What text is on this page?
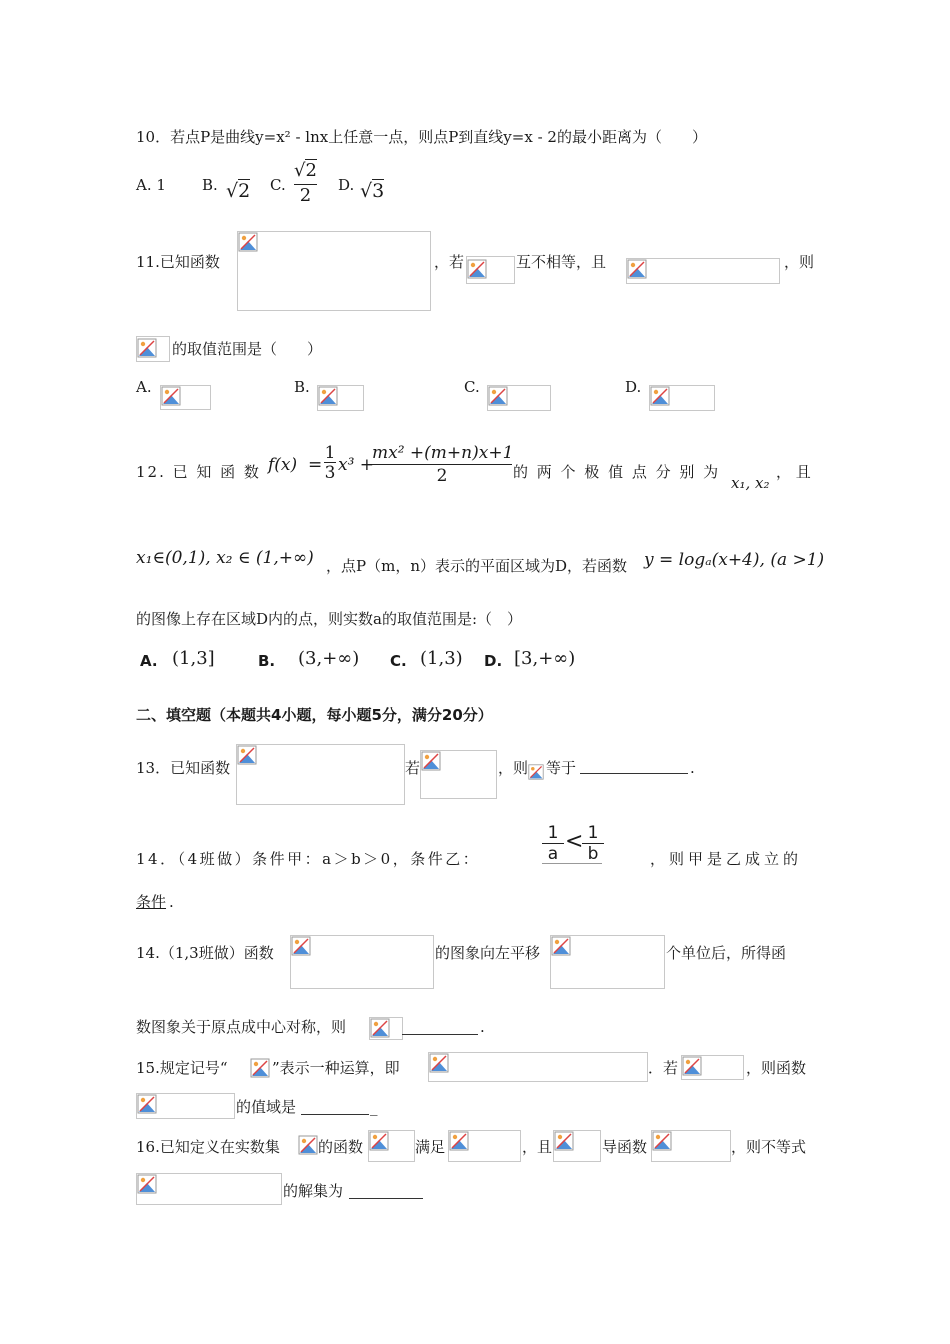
10．若点P是曲线y=x² - lnx上任意一点，则点P到直线y=x - 2的最小距离为（　　）
A. 1 B. √2 C.
√2
2	D. √3
11.已知函数	，若	互不相等，且	，则
的取值范围是（　　）
A.	B.	C.	D.
12. 已 知 函 数 $f(x) = \frac{1}{3} x^3$ +
$\frac{\text{mx² +(m+n)x+1}}{2}$ 的 两 个 极 值 点 分 别 为
x₁, x₂
， 且
x₁∈(0,1), x₂ ∈ (1,+∞) ，点P（m，n）表示的平面区域为D，若函数 y = logₐ(x+4), (a >1)
的图像上存在区域D内的点，则实数a的取值范围是:（　）
A. (1,3]	B. (3,+∞) C. (1,3) D. [3,+∞)
二、填空题（本题共4小题，每小题5分，满分20分）
13．已知函数	若	，则 等于	.
14．（4班做）条件甲：a＞b＞0，条件乙：	$\frac{1}{a}$ <
$\frac{1}{b}$	，则甲是乙成立的
条件 .
14.（1,3班做）函数	的图象向左平移	个单位后，所得函
数图象关于原点成中心对称，则	.
15.规定记号“	”表示一种运算，即	．若	，则函数
的值域是	_
16.已知定义在实数集	的函数	满足	，且	导函数	，则不等式
的解集为
